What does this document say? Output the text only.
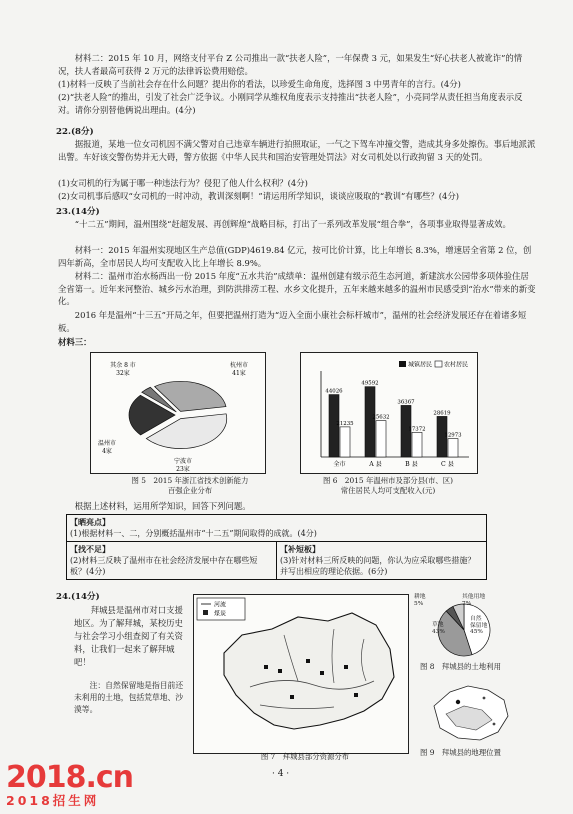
材料二：2015 年 10 月，网络支付平台 Z 公司推出一款“扶老人险”，一年保费 3 元，如果发生“好心扶老人被讹诈”的情况，扶人者最高可获得 2 万元的法律诉讼费用赔偿。
(1)材料一反映了当前社会存在什么问题？提出你的看法，以珍爱生命角度，选择图 3 中男青年的言行。(4分)
(2)“扶老人险”的推出，引发了社会广泛争议。小刚同学从维权角度表示支持推出“扶老人险”，小亮同学从责任担当角度表示反对。请你分别替他俩说出理由。(4分)
22.(8分)
据报道，某地一位女司机因不满父警对自己违章车辆进行拍照取证，一气之下驾车冲撞交警，造成其身多处擦伤。事后地派派出警。车好该交警伤势并无大碍，警方依据《中华人民共和国治安管理处罚法》对女司机处以行政拘留 3 天的处罚。
(1)女司机的行为属于哪一种违法行为？侵犯了他人什么权利？(4分)
(2)女司机事后感叹“女司机的一时冲动，教训深刻啊！”请运用所学知识，谈谈应吸取的“教训”有哪些？(4分)
23.(14分)
“十二五”期间，温州围绕“赶超发展、再创辉煌”战略目标，打出了一系列改革发展“组合拳”，各项事业取得显著成效。
材料一：2015 年温州实现地区生产总值(GDP)4619.84 亿元，按可比价计算，比上年增长 8.3%，增速居全省第 2 位，创四年新高，全市居民人均可支配收入比上年增长 8.9%。
材料二：温州市治水杨西出一份 2015 年度“五水共治”成绩单：温州创建有级示范生态河道，新建滨水公园带多项体验住居全省第一。近年来河整治、城乡污水治理，到防洪排涝工程、水乡文化提升，五年来越来越多的温州市民感受到“治水”带来的新变化。
2016 年是温州“十三五”开局之年，但要把温州打造为“迈入全面小康社会标杆城市”，温州的社会经济发展还存在着诸多短板。
材料三：
其余 8 市 32家
杭州市 41家
宁波市 23家
温州市 4家
图 5　2015 年浙江省技术创新能力
百强企业分布
城镇居民 农村居民
44026
21235
全市
49592
25632
A 县
36367
17372
B 县
28619
12973
C 县
图 6　2015 年温州市及部分县(市、区)
常住居民人均可支配收入(元)
根据上述材料，运用所学知识，回答下列问题。
【晒亮点】
(1)根据材料一、二，分别概括温州市“十二五”期间取得的成就。(4分)
【找不足】
(2)材料三反映了温州市在社会经济发展中存在哪些短板？(4分)
【补短板】
(3)针对材料三所反映的问题，你认为应采取哪些措施？并写出相应的理论依据。(6分)
24.(14分)
拜城县是温州市对口支援地区。为了解拜城，某校历史与社会学习小组查阅了有关资料，让我们一起来了解拜城吧！
注：自然保留地是指目前还未利用的土地，包括荒草地、沙漠等。
河流
煤炭
图 7　拜城县部分资源分布
耕地
5%
其他用地
7%
自然
保留地
45%
草地
43%
图 8　拜城县的土地利用
图 9　拜城县的地理位置
· 4 ·
2018.cn
2018招生网
